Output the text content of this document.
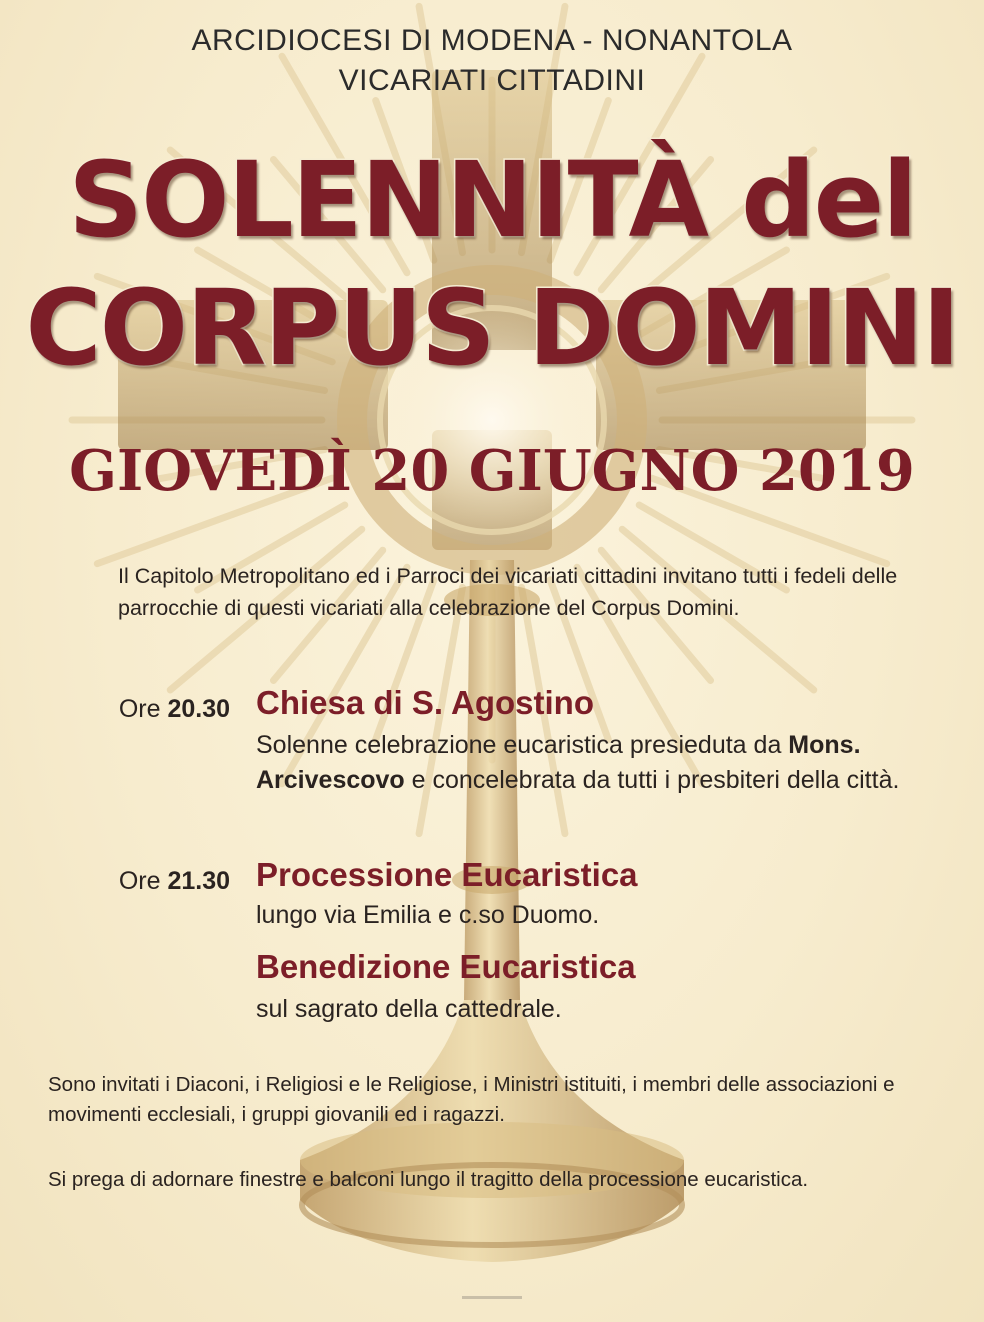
ARCIDIOCESI DI MODENA - NONANTOLA
VICARIATI CITTADINI
SOLENNITÀ del
CORPUS DOMINI
GIOVEDÌ 20 GIUGNO 2019
Il Capitolo Metropolitano ed i Parroci dei vicariati cittadini invitano tutti i fedeli delle parrocchie di questi vicariati alla celebrazione del Corpus Domini.
Ore 20.30 Chiesa di S. Agostino
Solenne celebrazione eucaristica presieduta da Mons. Arcivescovo e concelebrata da tutti i presbiteri della città.
Ore 21.30 Processione Eucaristica
lungo via Emilia e c.so Duomo.
Benedizione Eucaristica
sul sagrato della cattedrale.
Sono invitati i Diaconi, i Religiosi e le Religiose, i Ministri istituiti, i membri delle associazioni e movimenti ecclesiali, i gruppi giovanili ed i ragazzi.
Si prega di adornare finestre e balconi lungo il tragitto della processione eucaristica.
